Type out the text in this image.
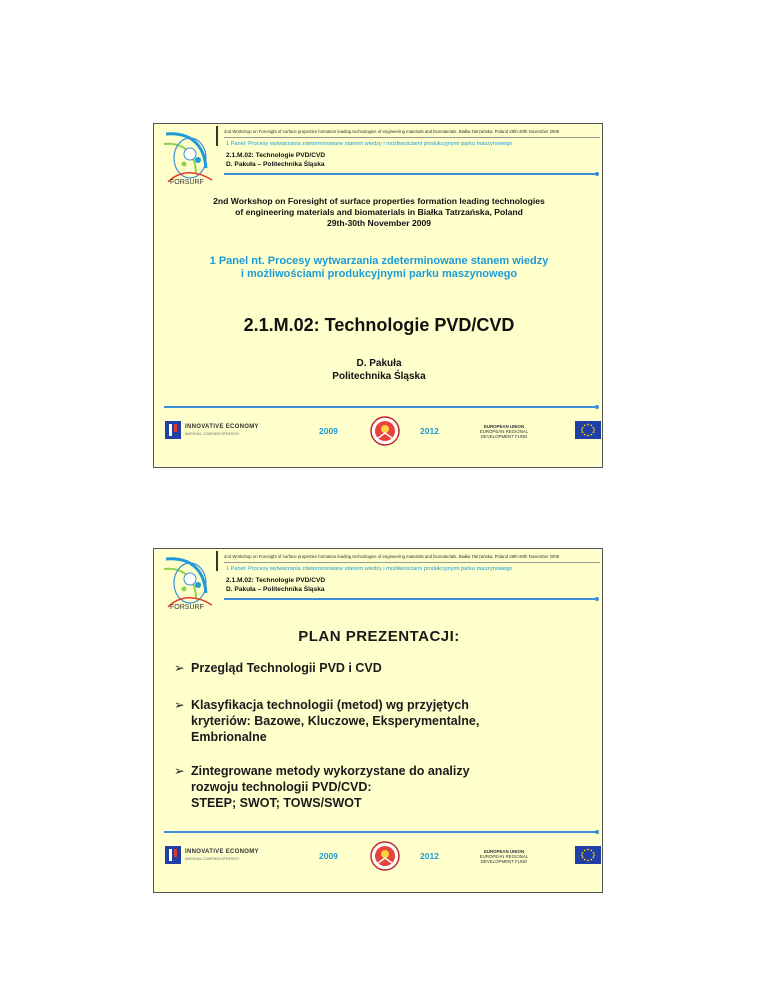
FORSURF
2nd Workshop on Foresight of surface properties formation leading technologies of engineering materials and biomaterials, Białka Tatrzańska, Poland 29th-30th November 2009
1 Panel: Procesy wytwarzania zdeterminowane stanem wiedzy i możliwościami produkcyjnymi parku maszynowego
2.1.M.02: Technologie PVD/CVD
D. Pakuła – Politechnika Śląska
2nd Workshop on Foresight of surface properties formation leading technologies
of engineering materials and biomaterials in Białka Tatrzańska, Poland
29th-30th November 2009
1 Panel nt. Procesy wytwarzania zdeterminowane stanem wiedzy
i możliwościami produkcyjnymi parku maszynowego
2.1.M.02: Technologie PVD/CVD
D. Pakuła
Politechnika Śląska
INNOVATIVE ECONOMY
NATIONAL COHESION STRATEGY	2009	2012	EUROPEAN UNION
EUROPEAN REGIONAL
DEVELOPMENT FUND
FORSURF
2nd Workshop on Foresight of surface properties formation leading technologies of engineering materials and biomaterials, Białka Tatrzańska, Poland 29th-30th November 2009
1 Panel: Procesy wytwarzania zdeterminowane stanem wiedzy i możliwościami produkcyjnymi parku maszynowego
2.1.M.02: Technologie PVD/CVD
D. Pakuła – Politechnika Śląska
PLAN PREZENTACJI:
➢ Przegląd Technologii PVD i CVD
➢ Klasyfikacja technologii (metod) wg przyjętych
kryteriów: Bazowe, Kluczowe, Eksperymentalne,
Embrionalne
➢ Zintegrowane metody wykorzystane do analizy
rozwoju technologii PVD/CVD:
STEEP; SWOT; TOWS/SWOT
INNOVATIVE ECONOMY
NATIONAL COHESION STRATEGY	2009	2012	EUROPEAN UNION
EUROPEAN REGIONAL
DEVELOPMENT FUND
